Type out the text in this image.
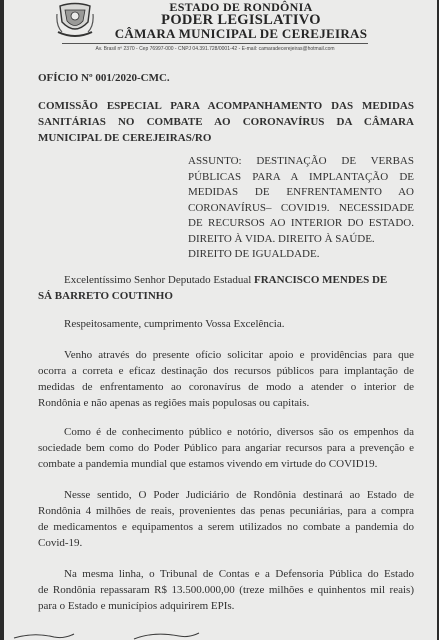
ESTADO DE RONDÔNIA
PODER LEGISLATIVO
CÂMARA MUNICIPAL DE CEREJEIRAS
Av. Brasil nº 2370 - Cep 76997-000 - CNPJ 04.391.728/0001-42 - E-mail: camaradecerejeiras@hotmail.com
OFÍCIO Nº 001/2020-CMC.
COMISSÃO ESPECIAL PARA ACOMPANHAMENTO DAS MEDIDAS
SANITÁRIAS NO COMBATE AO CORONAVÍRUS DA CÂMARA
MUNICIPAL DE CEREJEIRAS/RO
ASSUNTO: DESTINAÇÃO DE VERBAS
PÚBLICAS PARA A IMPLANTAÇÃO DE
MEDIDAS DE ENFRENTAMENTO AO
CORONAVÍRUS– COVID19. NECESSIDADE
DE RECURSOS AO INTERIOR DO ESTADO.
DIREITO À VIDA. DIREITO À SAÚDE.
DIREITO DE IGUALDADE.
Excelentíssimo Senhor Deputado Estadual FRANCISCO MENDES DE
SÁ BARRETO COUTINHO
Respeitosamente, cumprimento Vossa Excelência.
Venho através do presente ofício solicitar apoio e providências para que
ocorra a correta e eficaz destinação dos recursos públicos para implantação de
medidas de enfrentamento ao coronavírus de modo a atender o interior de
Rondônia e não apenas as regiões mais populosas ou capitais.
Como é de conhecimento público e notório, diversos são os empenhos da
sociedade bem como do Poder Público para angariar recursos para a prevenção e
combate a pandemia mundial que estamos vivendo em virtude do COVID19.
Nesse sentido, O Poder Judiciário de Rondônia destinará ao Estado de
Rondônia 4 milhões de reais, provenientes das penas pecuniárias, para a compra
de medicamentos e equipamentos a serem utilizados no combate a pandemia do
Covid-19.
Na mesma linha, o Tribunal de Contas e a Defensoria Pública do Estado
de Rondônia repassaram R$ 13.500.000,00 (treze milhões e quinhentos mil reais)
para o Estado e municípios adquirirem EPIs.
